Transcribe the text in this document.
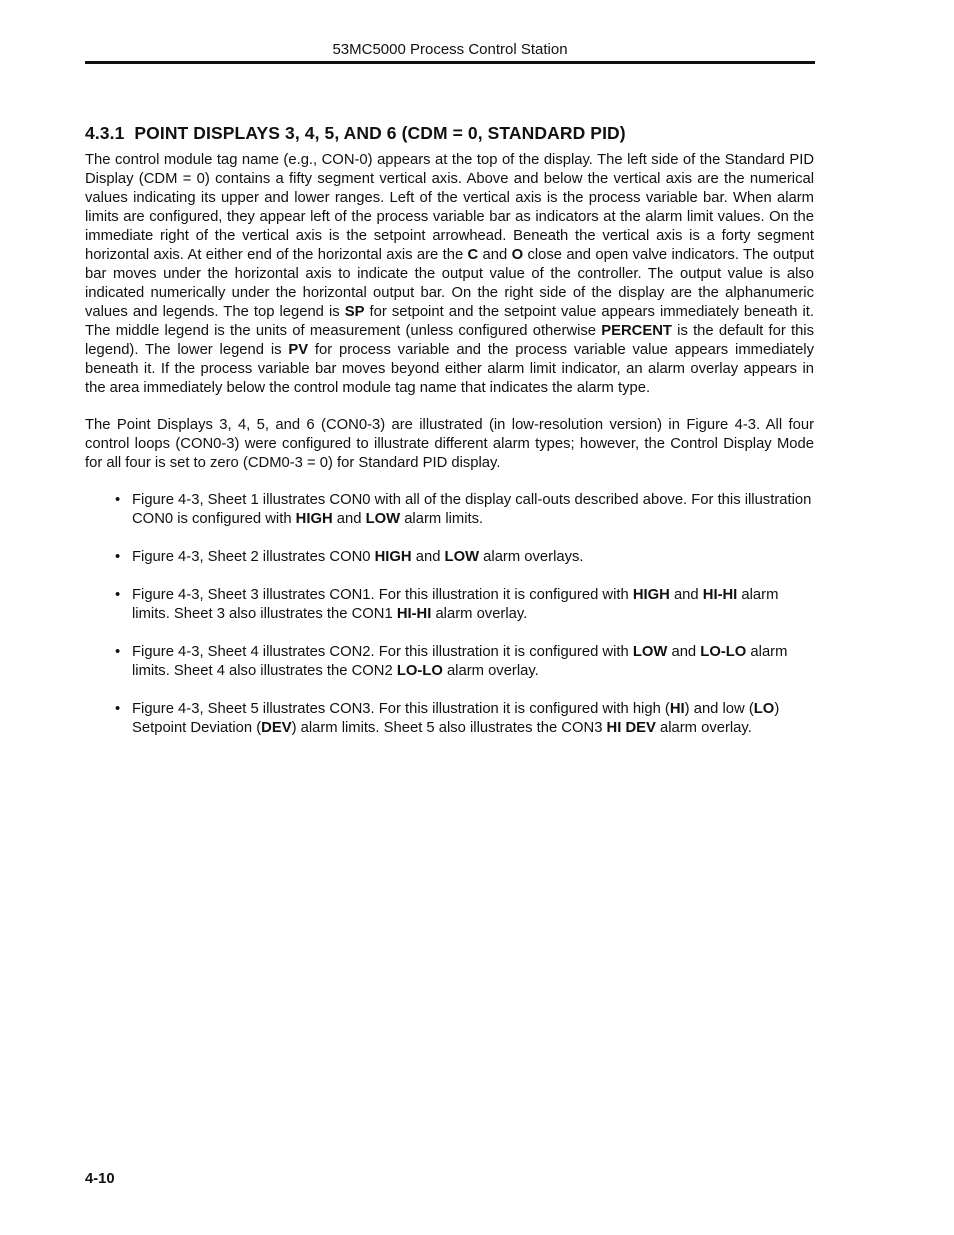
53MC5000 Process Control Station
4.3.1 POINT DISPLAYS 3, 4, 5, AND 6 (CDM = 0, STANDARD PID)

The control module tag name (e.g., CON-0) appears at the top of the display. The left side of the Standard PID Display (CDM = 0) contains a fifty segment vertical axis. Above and below the vertical axis are the numerical values indicating its upper and lower ranges. Left of the vertical axis is the process variable bar. When alarm limits are configured, they appear left of the process variable bar as indicators at the alarm limit values. On the immediate right of the vertical axis is the setpoint arrowhead. Beneath the vertical axis is a forty segment horizontal axis. At either end of the horizontal axis are the C and O close and open valve indicators. The output bar moves under the horizontal axis to indicate the output value of the controller. The output value is also indicated numerically under the horizontal output bar. On the right side of the display are the alphanumeric values and legends. The top legend is SP for setpoint and the setpoint value appears immediately beneath it. The middle legend is the units of measurement (unless configured otherwise PERCENT is the default for this legend). The lower legend is PV for process variable and the process variable value appears immediately beneath it. If the process variable bar moves beyond either alarm limit indicator, an alarm overlay appears in the area immediately below the control module tag name that indicates the alarm type.

The Point Displays 3, 4, 5, and 6 (CON0-3) are illustrated (in low-resolution version) in Figure 4-3. All four control loops (CON0-3) were configured to illustrate different alarm types; however, the Control Display Mode for all four is set to zero (CDM0-3 = 0) for Standard PID display.

• Figure 4-3, Sheet 1 illustrates CON0 with all of the display call-outs described above. For this illustration CON0 is configured with HIGH and LOW alarm limits.
• Figure 4-3, Sheet 2 illustrates CON0 HIGH and LOW alarm overlays.
• Figure 4-3, Sheet 3 illustrates CON1. For this illustration it is configured with HIGH and HI-HI alarm limits. Sheet 3 also illustrates the CON1 HI-HI alarm overlay.
• Figure 4-3, Sheet 4 illustrates CON2. For this illustration it is configured with LOW and LO-LO alarm limits. Sheet 4 also illustrates the CON2 LO-LO alarm overlay.
• Figure 4-3, Sheet 5 illustrates CON3. For this illustration it is configured with high (HI) and low (LO) Setpoint Deviation (DEV) alarm limits. Sheet 5 also illustrates the CON3 HI DEV alarm overlay.
4-10
